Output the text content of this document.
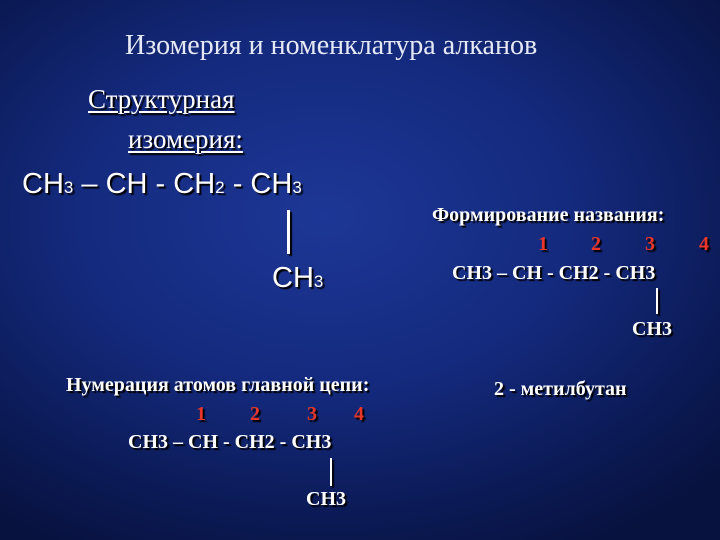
Изомерия и номенклатура алканов
Структурная
изомерия:
CH3 – CH - CH2 - CH3
CH3
Формирование названия:
1 2 3 4
CH3 – CH - CH2 - CH3
CH3
Нумерация атомов главной цепи:
1 2 3 4
CH3 – CH - CH2 - CH3
CH3
2 - метилбутан
